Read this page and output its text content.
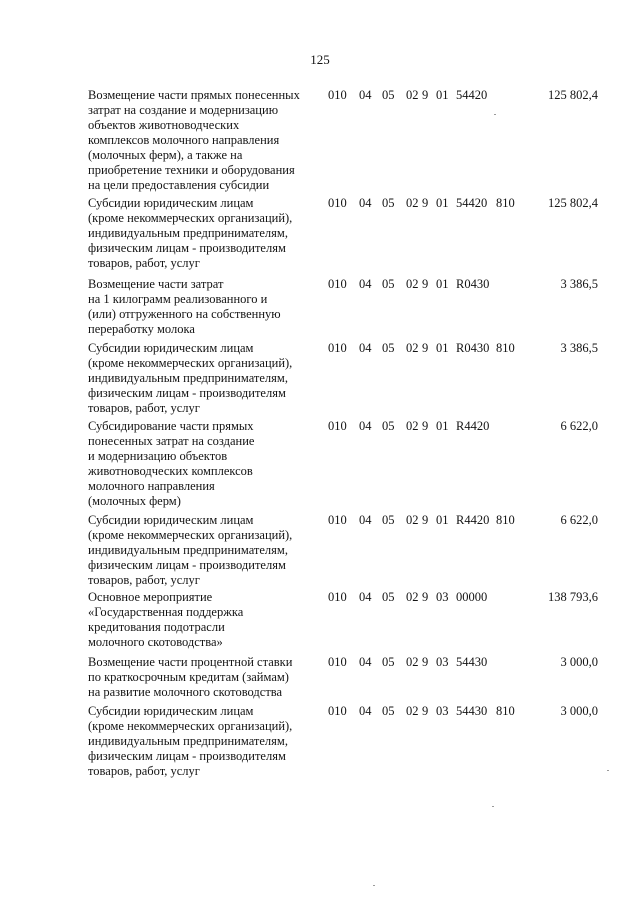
125
Возмещение части прямых понесенных
затрат на создание и модернизацию
объектов животноводческих
комплексов молочного направления
(молочных ферм), а также на
приобретение техники и оборудования
на цели предоставления субсидии
010 04 05 02 9 01 54420	125 802,4
Субсидии юридическим лицам
(кроме некоммерческих организаций),
индивидуальным предпринимателям,
физическим лицам - производителям
товаров, работ, услуг
010 04 05 02 9 01 54420 810	125 802,4
Возмещение части затрат
на 1 килограмм реализованного и
(или) отгруженного на собственную
переработку молока
010 04 05 02 9 01 R0430	3 386,5
Субсидии юридическим лицам
(кроме некоммерческих организаций),
индивидуальным предпринимателям,
физическим лицам - производителям
товаров, работ, услуг
010 04 05 02 9 01 R0430 810	3 386,5
Субсидирование части прямых
понесенных затрат на создание
и модернизацию объектов
животноводческих комплексов
молочного направления
(молочных ферм)
010 04 05 02 9 01 R4420	6 622,0
Субсидии юридическим лицам
(кроме некоммерческих организаций),
индивидуальным предпринимателям,
физическим лицам - производителям
товаров, работ, услуг
010 04 05 02 9 01 R4420 810	6 622,0
Основное мероприятие
«Государственная поддержка
кредитования подотрасли
молочного скотоводства»
010 04 05 02 9 03 00000	138 793,6
Возмещение части процентной ставки
по краткосрочным кредитам (займам)
на развитие молочного скотоводства
010 04 05 02 9 03 54430	3 000,0
Субсидии юридическим лицам
(кроме некоммерческих организаций),
индивидуальным предпринимателям,
физическим лицам - производителям
товаров, работ, услуг
010 04 05 02 9 03 54430 810	3 000,0
